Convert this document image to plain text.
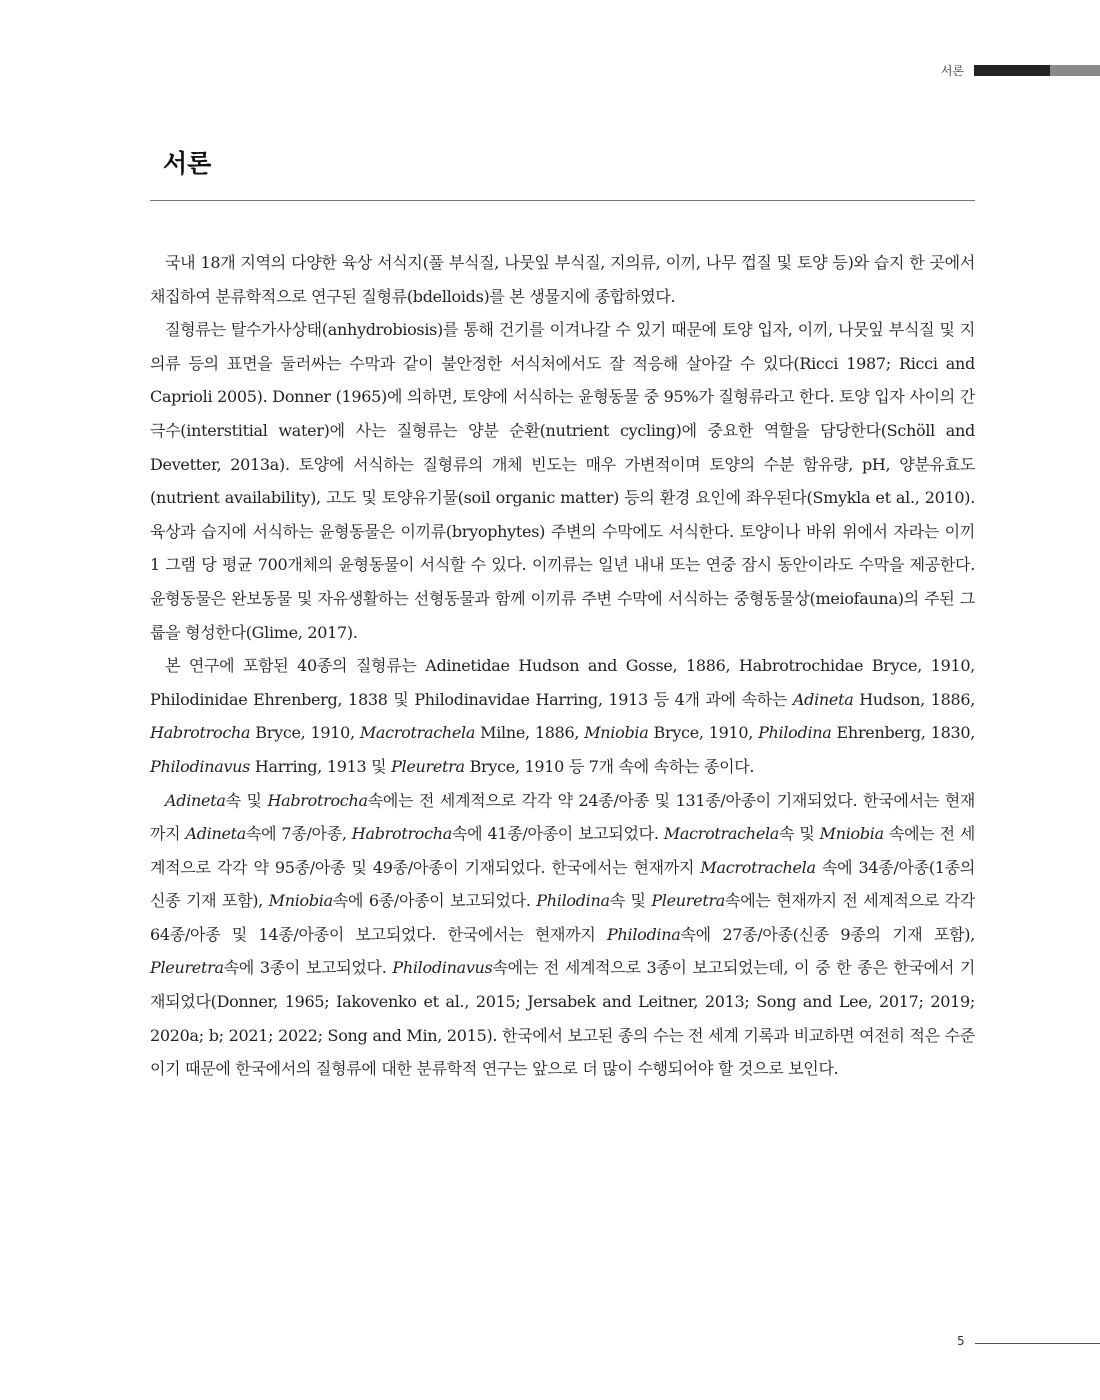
서론
서론

국내 18개 지역의 다양한 육상 서식지(풀 부식질, 나뭇잎 부식질, 지의류, 이끼, 나무 껍질 및 토양 등)와 습지 한 곳에서 채집하여 분류학적으로 연구된 질형류(bdelloids)를 본 생물지에 종합하였다.

질형류는 탈수가사상태(anhydrobiosis)를 통해 건기를 이겨나갈 수 있기 때문에 토양 입자, 이끼, 나뭇잎 부식질 및 지의류 등의 표면을 둘러싸는 수막과 같이 불안정한 서식처에서도 잘 적응해 살아갈 수 있다(Ricci 1987; Ricci and Caprioli 2005). Donner (1965)에 의하면, 토양에 서식하는 윤형동물 중 95%가 질형류라고 한다. 토양 입자 사이의 간극수(interstitial water)에 사는 질형류는 양분 순환(nutrient cycling)에 중요한 역할을 담당한다(Schöll and Devetter, 2013a). 토양에 서식하는 질형류의 개체 빈도는 매우 가변적이며 토양의 수분 함유량, pH, 양분유효도(nutrient availability), 고도 및 토양유기물(soil organic matter) 등의 환경 요인에 좌우된다(Smykla et al., 2010). 육상과 습지에 서식하는 윤형동물은 이끼류(bryophytes) 주변의 수막에도 서식한다. 토양이나 바위 위에서 자라는 이끼 1 그램 당 평균 700개체의 윤형동물이 서식할 수 있다. 이끼류는 일년 내내 또는 연중 잠시 동안이라도 수막을 제공한다. 윤형동물은 완보동물 및 자유생활하는 선형동물과 함께 이끼류 주변 수막에 서식하는 중형동물상(meiofauna)의 주된 그룹을 형성한다(Glime, 2017).

본 연구에 포함된 40종의 질형류는 Adinetidae Hudson and Gosse, 1886, Habrotrochidae Bryce, 1910, Philodinidae Ehrenberg, 1838 및 Philodinavidae Harring, 1913 등 4개 과에 속하는 Adineta Hudson, 1886, Habrotrocha Bryce, 1910, Macrotrachela Milne, 1886, Mniobia Bryce, 1910, Philodina Ehrenberg, 1830, Philodinavus Harring, 1913 및 Pleuretra Bryce, 1910 등 7개 속에 속하는 종이다.

Adineta속 및 Habrotrocha속에는 전 세계적으로 각각 약 24종/아종 및 131종/아종이 기재되었다. 한국에서는 현재까지 Adineta속에 7종/아종, Habrotrocha속에 41종/아종이 보고되었다. Macrotrachela속 및 Mniobia 속에는 전 세계적으로 각각 약 95종/아종 및 49종/아종이 기재되었다. 한국에서는 현재까지 Macrotrachela 속에 34종/아종(1종의 신종 기재 포함), Mniobia속에 6종/아종이 보고되었다. Philodina속 및 Pleuretra속에는 현재까지 전 세계적으로 각각 64종/아종 및 14종/아종이 보고되었다. 한국에서는 현재까지 Philodina속에 27종/아종(신종 9종의 기재 포함), Pleuretra속에 3종이 보고되었다. Philodinavus속에는 전 세계적으로 3종이 보고되었는데, 이 중 한 종은 한국에서 기재되었다(Donner, 1965; Iakovenko et al., 2015; Jersabek and Leitner, 2013; Song and Lee, 2017; 2019; 2020a; b; 2021; 2022; Song and Min, 2015). 한국에서 보고된 종의 수는 전 세계 기록과 비교하면 여전히 적은 수준이기 때문에 한국에서의 질형류에 대한 분류학적 연구는 앞으로 더 많이 수행되어야 할 것으로 보인다.

5
